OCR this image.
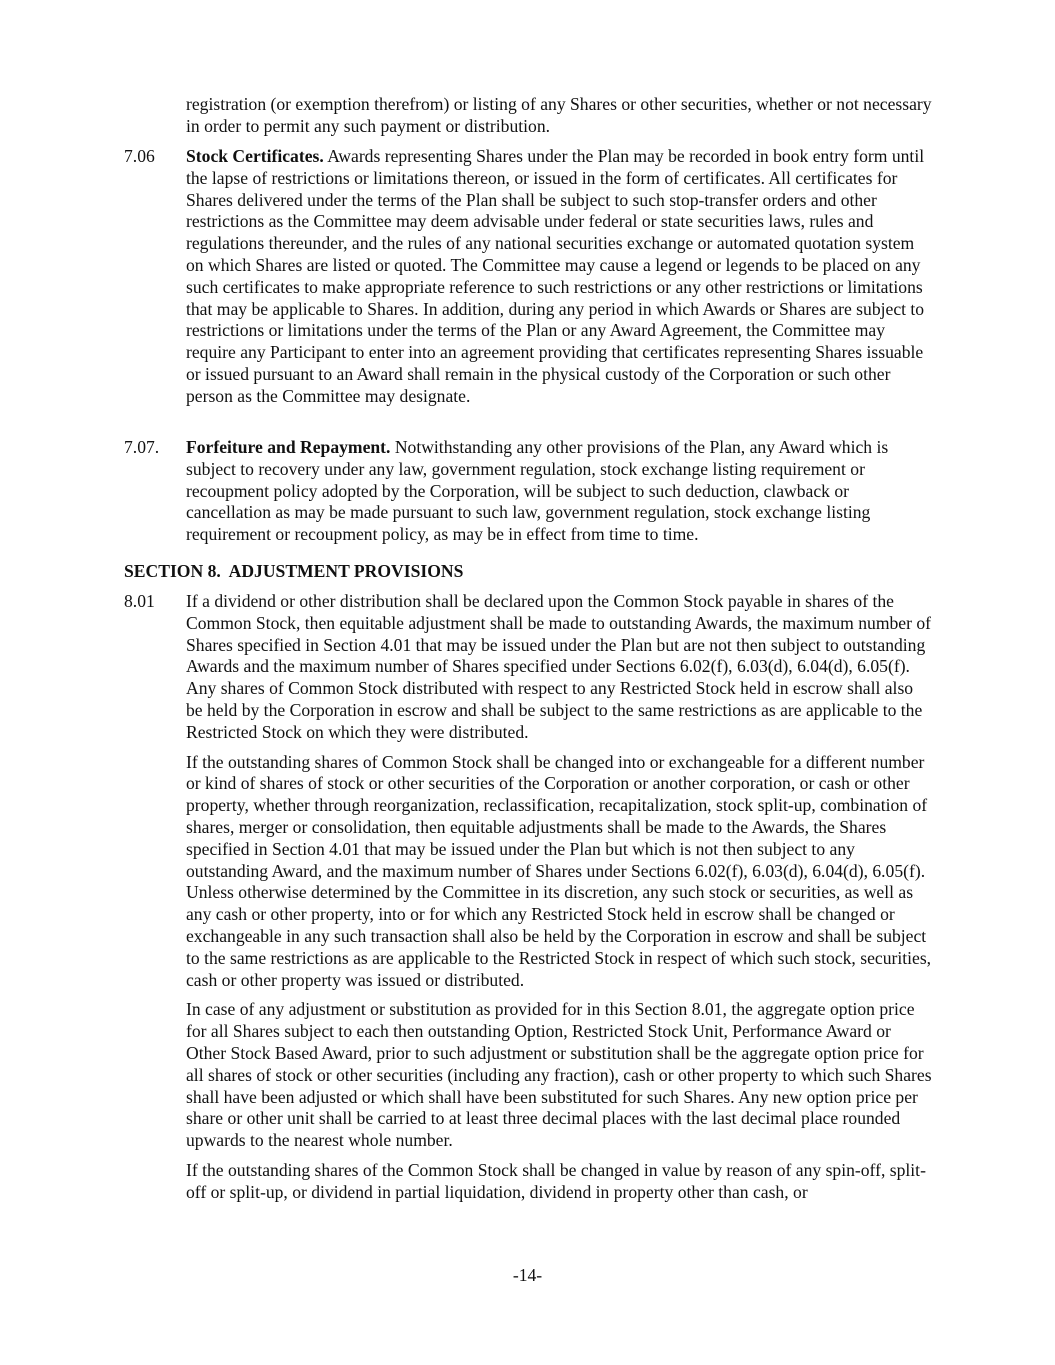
registration (or exemption therefrom) or listing of any Shares or other securities, whether or not necessary in order to permit any such payment or distribution.
7.06 Stock Certificates. Awards representing Shares under the Plan may be recorded in book entry form until the lapse of restrictions or limitations thereon, or issued in the form of certificates. All certificates for Shares delivered under the terms of the Plan shall be subject to such stop-transfer orders and other restrictions as the Committee may deem advisable under federal or state securities laws, rules and regulations thereunder, and the rules of any national securities exchange or automated quotation system on which Shares are listed or quoted. The Committee may cause a legend or legends to be placed on any such certificates to make appropriate reference to such restrictions or any other restrictions or limitations that may be applicable to Shares. In addition, during any period in which Awards or Shares are subject to restrictions or limitations under the terms of the Plan or any Award Agreement, the Committee may require any Participant to enter into an agreement providing that certificates representing Shares issuable or issued pursuant to an Award shall remain in the physical custody of the Corporation or such other person as the Committee may designate.

7.07. Forfeiture and Repayment. Notwithstanding any other provisions of the Plan, any Award which is subject to recovery under any law, government regulation, stock exchange listing requirement or recoupment policy adopted by the Corporation, will be subject to such deduction, clawback or cancellation as may be made pursuant to such law, government regulation, stock exchange listing requirement or recoupment policy, as may be in effect from time to time.

SECTION 8.  ADJUSTMENT PROVISIONS
8.01 If a dividend or other distribution shall be declared upon the Common Stock payable in shares of the Common Stock, then equitable adjustment shall be made to outstanding Awards, the maximum number of Shares specified in Section 4.01 that may be issued under the Plan but are not then subject to outstanding Awards and the maximum number of Shares specified under Sections 6.02(f), 6.03(d), 6.04(d), 6.05(f). Any shares of Common Stock distributed with respect to any Restricted Stock held in escrow shall also be held by the Corporation in escrow and shall be subject to the same restrictions as are applicable to the Restricted Stock on which they were distributed.

If the outstanding shares of Common Stock shall be changed into or exchangeable for a different number or kind of shares of stock or other securities of the Corporation or another corporation, or cash or other property, whether through reorganization, reclassification, recapitalization, stock split-up, combination of shares, merger or consolidation, then equitable adjustments shall be made to the Awards, the Shares specified in Section 4.01 that may be issued under the Plan but which is not then subject to any outstanding Award, and the maximum number of Shares under Sections 6.02(f), 6.03(d), 6.04(d), 6.05(f). Unless otherwise determined by the Committee in its discretion, any such stock or securities, as well as any cash or other property, into or for which any Restricted Stock held in escrow shall be changed or exchangeable in any such transaction shall also be held by the Corporation in escrow and shall be subject to the same restrictions as are applicable to the Restricted Stock in respect of which such stock, securities, cash or other property was issued or distributed.

In case of any adjustment or substitution as provided for in this Section 8.01, the aggregate option price for all Shares subject to each then outstanding Option, Restricted Stock Unit, Performance Award or Other Stock Based Award, prior to such adjustment or substitution shall be the aggregate option price for all shares of stock or other securities (including any fraction), cash or other property to which such Shares shall have been adjusted or which shall have been substituted for such Shares. Any new option price per share or other unit shall be carried to at least three decimal places with the last decimal place rounded upwards to the nearest whole number.

If the outstanding shares of the Common Stock shall be changed in value by reason of any spin-off, split-off or split-up, or dividend in partial liquidation, dividend in property other than cash, or

-14-
